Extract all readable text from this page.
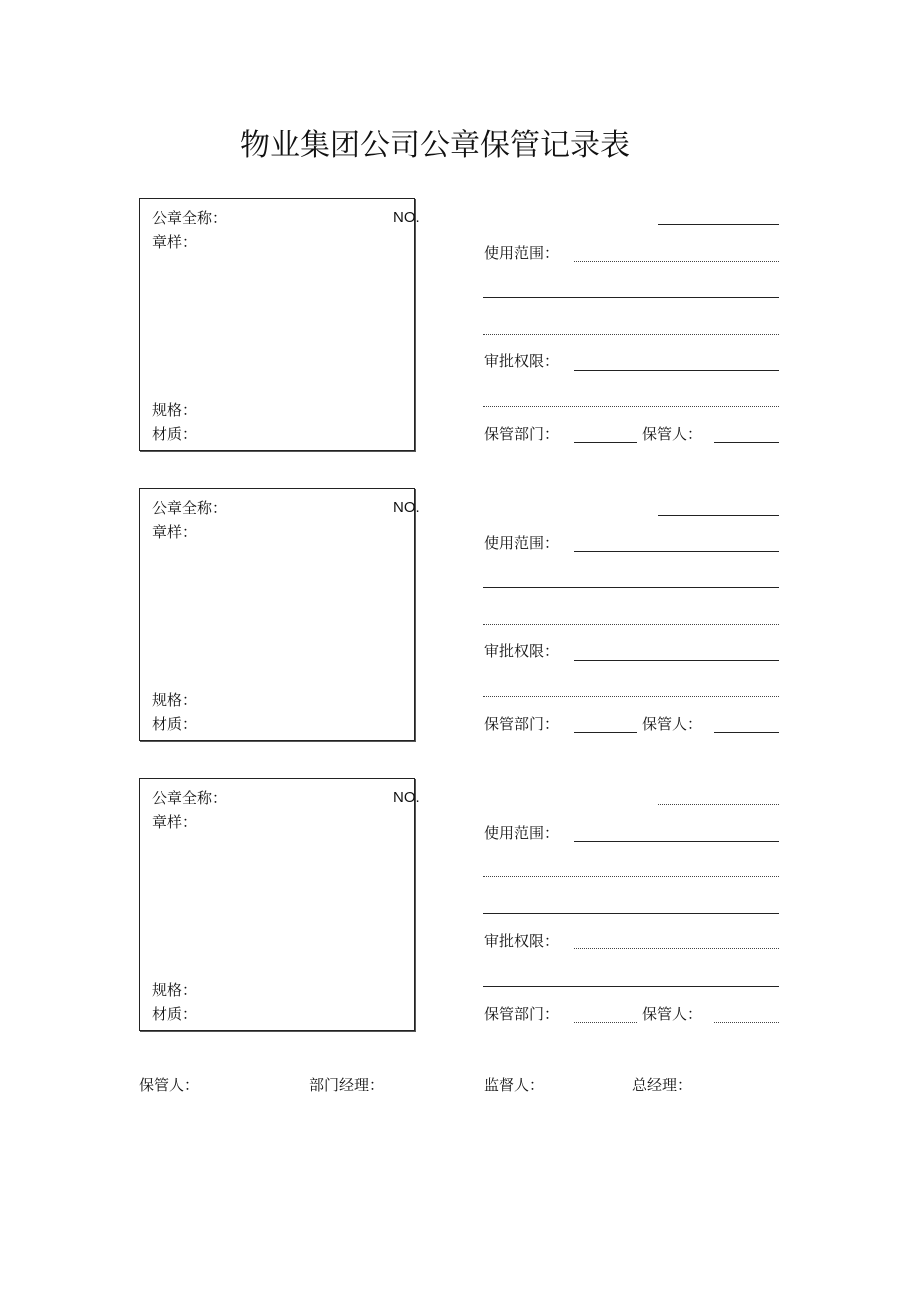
物业集团公司公章保管记录表
公章全称：	NO.
章样：
规格：
材质：
使用范围：
审批权限：
保管部门：	保管人：
公章全称：	NO.
章样：
规格：
材质：
使用范围：
审批权限：
保管部门：	保管人：
公章全称：	NO.
章样：
规格：
材质：
使用范围：
审批权限：
保管部门：	保管人：
保管人：	部门经理：	监督人：	总经理：
